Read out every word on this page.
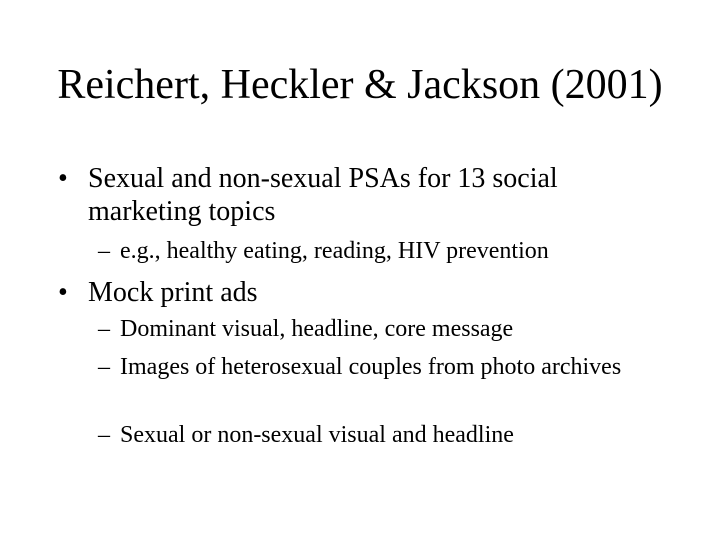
Reichert, Heckler & Jackson (2001)
• Sexual and non-sexual PSAs for 13 social marketing topics
– e.g., healthy eating, reading, HIV prevention
• Mock print ads
– Dominant visual, headline, core message
– Images of heterosexual couples from photo archives
– Sexual or non-sexual visual and headline
